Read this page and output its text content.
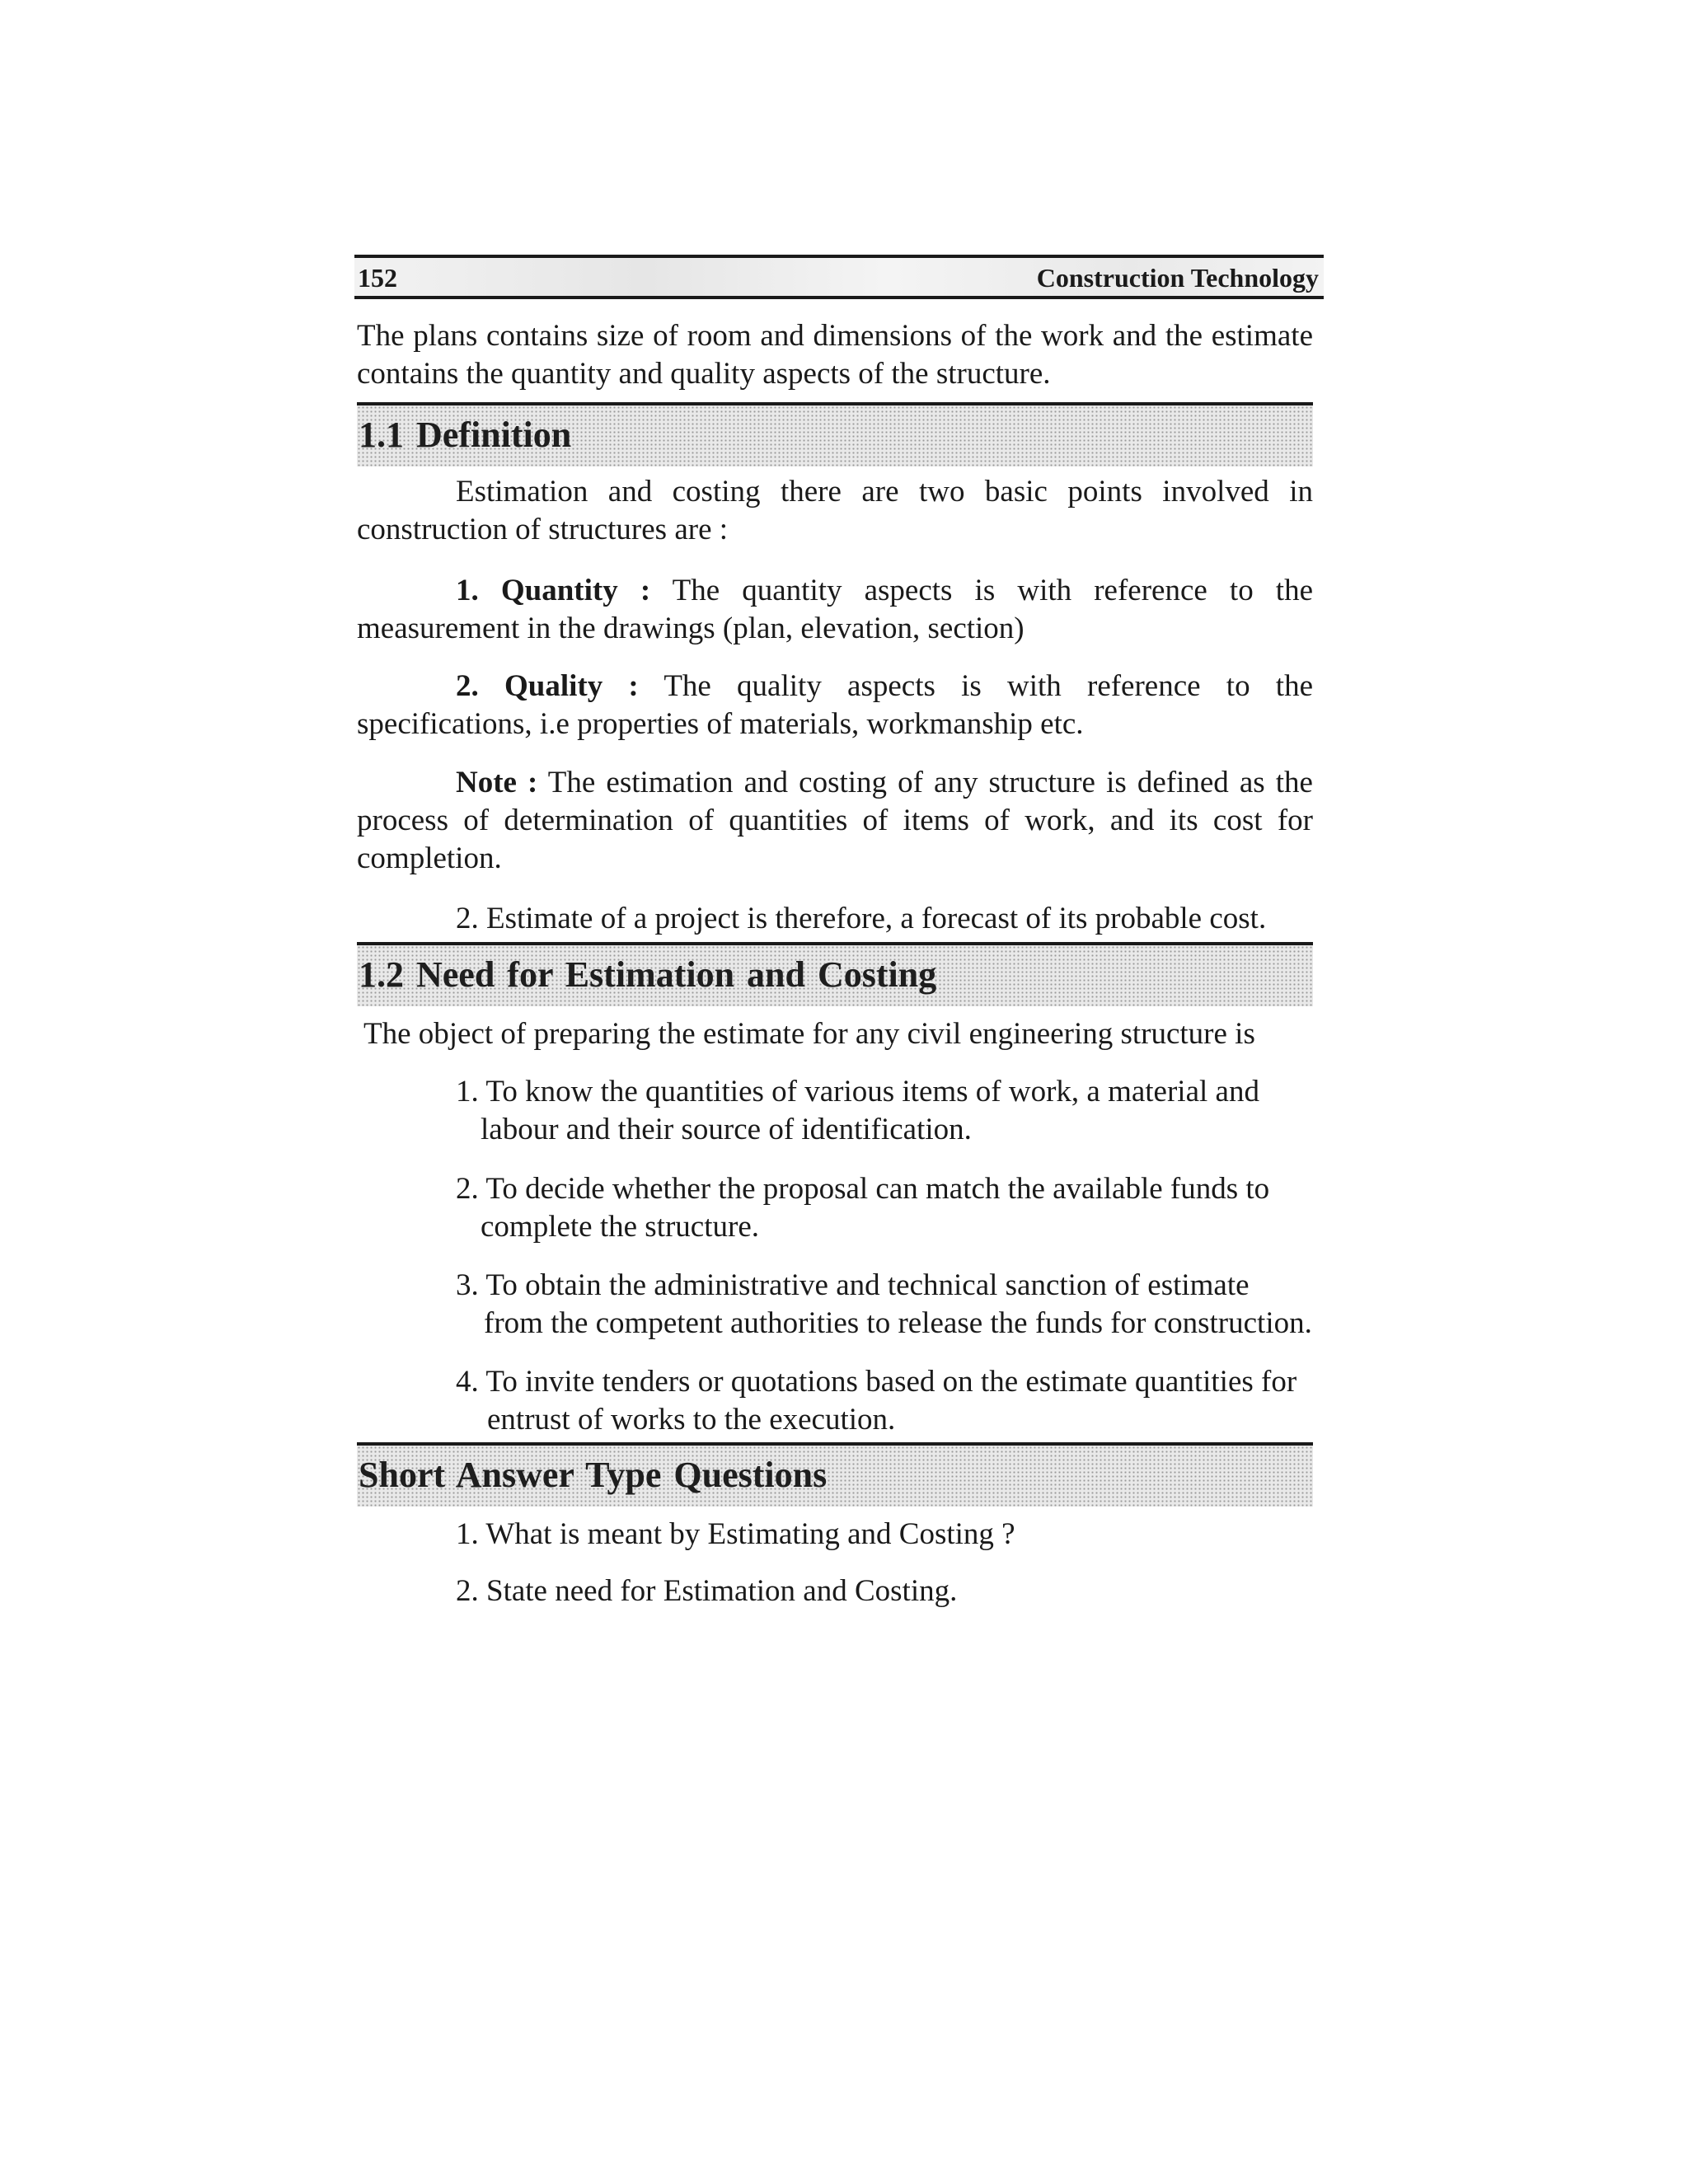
152	Construction Technology
The plans contains size of room and dimensions of the work and the estimate contains the quantity and quality aspects of the structure.
1.1 Definition
Estimation and costing there are two basic points involved in construction of structures are :
1. Quantity : The quantity aspects is with reference to the measurement in the drawings (plan, elevation, section)
2. Quality : The quality aspects is with reference to the specifications, i.e properties of materials, workmanship etc.
Note : The estimation and costing of any structure is defined as the process of determination of quantities of items of work, and its cost for completion.
2. Estimate of a project is therefore, a forecast of its probable cost.
1.2 Need for Estimation and Costing
The object of preparing the estimate for any civil engineering structure is
1. To know the quantities of various items of work, a material and
labour and their source of identification.
2. To decide whether the proposal can match the available funds to
complete the structure.
3. To obtain the administrative and technical sanction of estimate
from the competent authorities to release the funds for construction.
4. To invite tenders or quotations based on the estimate quantities for
entrust of works to the execution.
Short Answer Type Questions
1. What is meant by Estimating and Costing ?
2. State need for Estimation and Costing.
